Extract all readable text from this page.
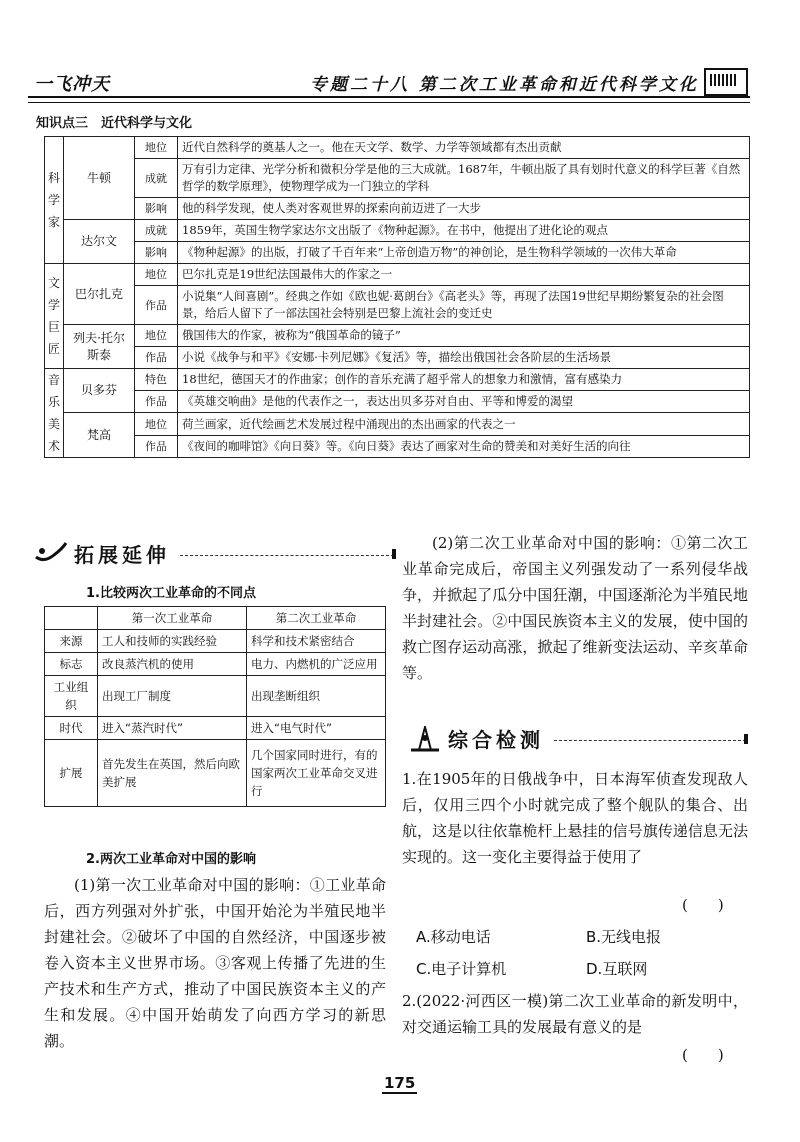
一飞冲天	专题二十八 第二次工业革命和近代科学文化
知识点三　近代科学与文化
科学家	牛顿	地位	近代自然科学的奠基人之一。他在天文学、数学、力学等领域都有杰出贡献
		成就	万有引力定律、光学分析和微积分学是他的三大成就。1687年，牛顿出版了具有划时代意义的科学巨著《自然哲学的数学原理》，使物理学成为一门独立的学科
		影响	他的科学发现，使人类对客观世界的探索向前迈进了一大步
	达尔文	成就	1859年，英国生物学家达尔文出版了《物种起源》。在书中，他提出了进化论的观点
		影响	《物种起源》的出版，打破了千百年来“上帝创造万物”的神创论，是生物科学领域的一次伟大革命
文学巨匠	巴尔扎克	地位	巴尔扎克是19世纪法国最伟大的作家之一
		作品	小说集“人间喜剧”。经典之作如《欧也妮·葛朗台》《高老头》等，再现了法国19世纪早期纷繁复杂的社会图景，给后人留下了一部法国社会特别是巴黎上流社会的变迁史
	列夫·托尔斯泰	地位	俄国伟大的作家，被称为“俄国革命的镜子”
		作品	小说《战争与和平》《安娜·卡列尼娜》《复活》等，描绘出俄国社会各阶层的生活场景
音乐美术	贝多芬	特色	18世纪，德国天才的作曲家；创作的音乐充满了超乎常人的想象力和激情，富有感染力
		作品	《英雄交响曲》是他的代表作之一，表达出贝多芬对自由、平等和博爱的渴望
	梵高	地位	荷兰画家，近代绘画艺术发展过程中涌现出的杰出画家的代表之一
		作品	《夜间的咖啡馆》《向日葵》等。《向日葵》表达了画家对生命的赞美和对美好生活的向往
拓展延伸
1.比较两次工业革命的不同点
	第一次工业革命	第二次工业革命
来源	工人和技师的实践经验	科学和技术紧密结合
标志	改良蒸汽机的使用	电力、内燃机的广泛应用
工业组织	出现工厂制度	出现垄断组织
时代	进入“蒸汽时代”	进入“电气时代”
扩展	首先发生在英国，然后向欧美扩展	几个国家同时进行，有的国家两次工业革命交叉进行
2.两次工业革命对中国的影响
(1)第一次工业革命对中国的影响：①工业革命后，西方列强对外扩张，中国开始沦为半殖民地半封建社会。②破坏了中国的自然经济，中国逐步被卷入资本主义世界市场。③客观上传播了先进的生产技术和生产方式，推动了中国民族资本主义的产生和发展。④中国开始萌发了向西方学习的新思潮。
(2)第二次工业革命对中国的影响：①第二次工业革命完成后，帝国主义列强发动了一系列侵华战争，并掀起了瓜分中国狂潮，中国逐渐沦为半殖民地半封建社会。②中国民族资本主义的发展，使中国的救亡图存运动高涨，掀起了维新变法运动、辛亥革命等。
综合检测
1.在1905年的日俄战争中，日本海军侦查发现敌人后，仅用三四个小时就完成了整个舰队的集合、出航，这是以往依靠桅杆上悬挂的信号旗传递信息无法实现的。这一变化主要得益于使用了
(　　)
A.移动电话	B.无线电报
C.电子计算机	D.互联网
2.(2022·河西区一模)第二次工业革命的新发明中，对交通运输工具的发展最有意义的是
(　　)
175
